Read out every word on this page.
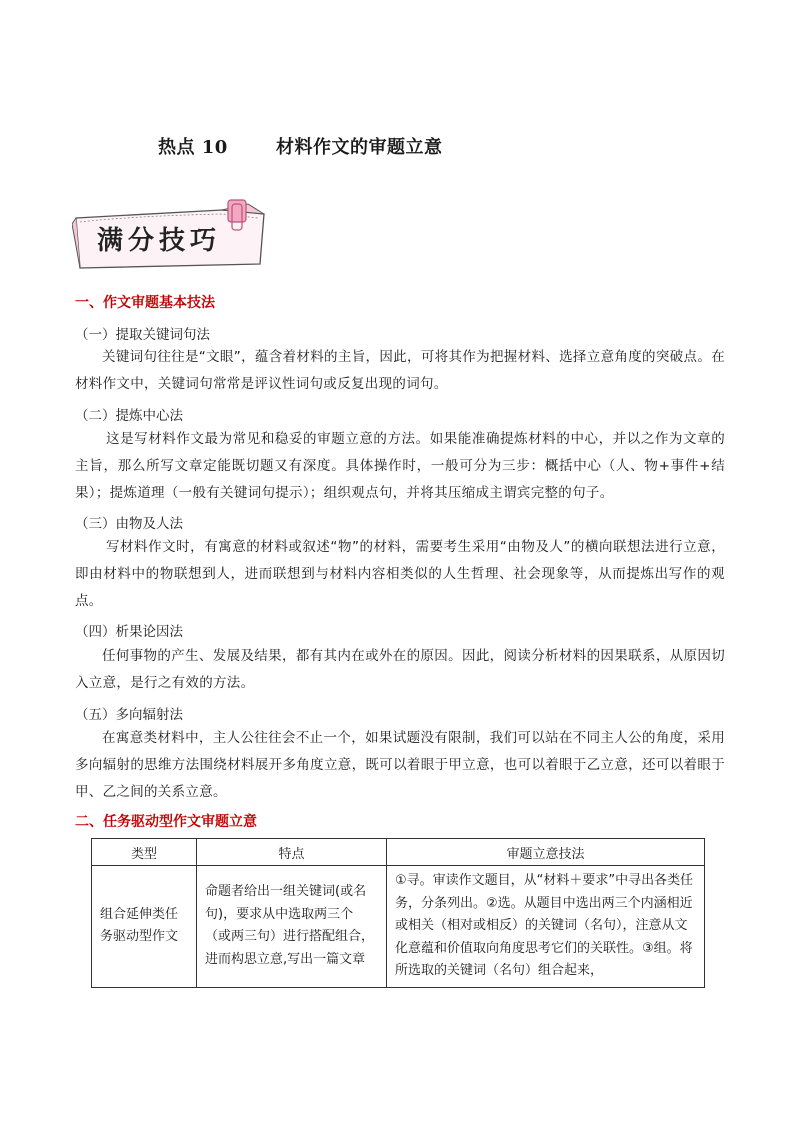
热点 10	材料作文的审题立意
满分技巧
一、作文审题基本技法
（一）提取关键词句法
关键词句往往是“文眼”，蕴含着材料的主旨，因此，可将其作为把握材料、选择立意角度的突破点。在材料作文中，关键词句常常是评议性词句或反复出现的词句。
（二）提炼中心法
这是写材料作文最为常见和稳妥的审题立意的方法。如果能准确提炼材料的中心，并以之作为文章的主旨，那么所写文章定能既切题又有深度。具体操作时，一般可分为三步：概括中心（人、物+事件+结果）；提炼道理（一般有关键词句提示）；组织观点句，并将其压缩成主谓宾完整的句子。
（三）由物及人法
写材料作文时，有寓意的材料或叙述“物”的材料，需要考生采用“由物及人”的横向联想法进行立意，即由材料中的物联想到人，进而联想到与材料内容相类似的人生哲理、社会现象等，从而提炼出写作的观点。
（四）析果论因法
任何事物的产生、发展及结果，都有其内在或外在的原因。因此，阅读分析材料的因果联系，从原因切入立意，是行之有效的方法。
（五）多向辐射法
在寓意类材料中，主人公往往会不止一个，如果试题没有限制，我们可以站在不同主人公的角度，采用多向辐射的思维方法围绕材料展开多角度立意，既可以着眼于甲立意，也可以着眼于乙立意，还可以着眼于甲、乙之间的关系立意。
二、任务驱动型作文审题立意
类型	特点	审题立意技法
组合延伸类任务驱动型作文	命题者给出一组关键词(或名句)，要求从中选取两三个（或两三句）进行搭配组合，进而构思立意,写出一篇文章	①寻。审读作文题目，从“材料＋要求”中寻出各类任务，分条列出。②选。从题目中选出两三个内涵相近或相关（相对或相反）的关键词（名句），注意从文化意蕴和价值取向角度思考它们的关联性。③组。将所选取的关键词（名句）组合起来，
